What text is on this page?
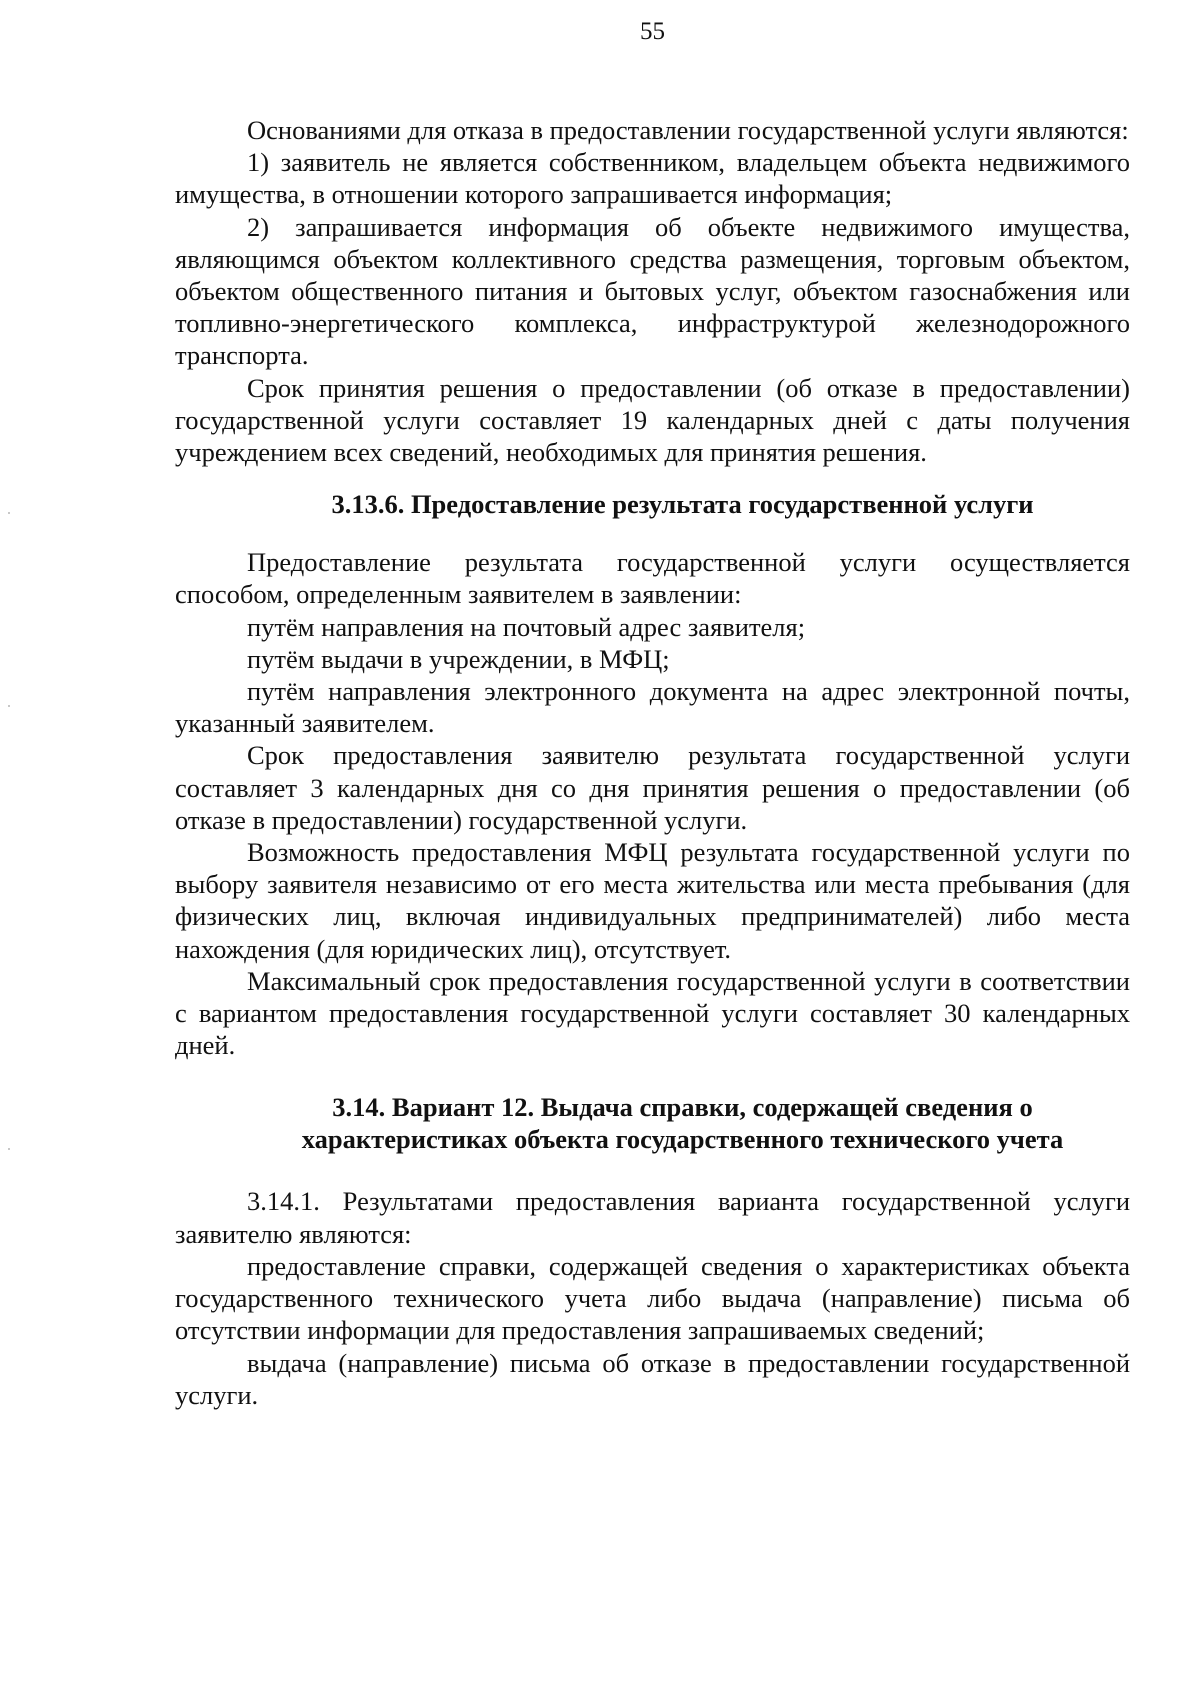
55

Основаниями для отказа в предоставлении государственной услуги являются:

1) заявитель не является собственником, владельцем объекта недвижимого имущества, в отношении которого запрашивается информация;

2) запрашивается информация об объекте недвижимого имущества, являющимся объектом коллективного средства размещения, торговым объектом, объектом общественного питания и бытовых услуг, объектом газоснабжения или топливно-энергетического комплекса, инфраструктурой железнодорожного транспорта.

Срок принятия решения о предоставлении (об отказе в предоставлении) государственной услуги составляет 19 календарных дней с даты получения учреждением всех сведений, необходимых для принятия решения.

3.13.6. Предоставление результата государственной услуги

Предоставление результата государственной услуги осуществляется способом, определенным заявителем в заявлении:

путём направления на почтовый адрес заявителя;

путём выдачи в учреждении, в МФЦ;

путём направления электронного документа на адрес электронной почты, указанный заявителем.

Срок предоставления заявителю результата государственной услуги составляет 3 календарных дня со дня принятия решения о предоставлении (об отказе в предоставлении) государственной услуги.

Возможность предоставления МФЦ результата государственной услуги по выбору заявителя независимо от его места жительства или места пребывания (для физических лиц, включая индивидуальных предпринимателей) либо места нахождения (для юридических лиц), отсутствует.

Максимальный срок предоставления государственной услуги в соответствии с вариантом предоставления государственной услуги составляет 30 календарных дней.

3.14. Вариант 12. Выдача справки, содержащей сведения о характеристиках объекта государственного технического учета

3.14.1. Результатами предоставления варианта государственной услуги заявителю являются:

предоставление справки, содержащей сведения о характеристиках объекта государственного технического учета либо выдача (направление) письма об отсутствии информации для предоставления запрашиваемых сведений;

выдача (направление) письма об отказе в предоставлении государственной услуги.
